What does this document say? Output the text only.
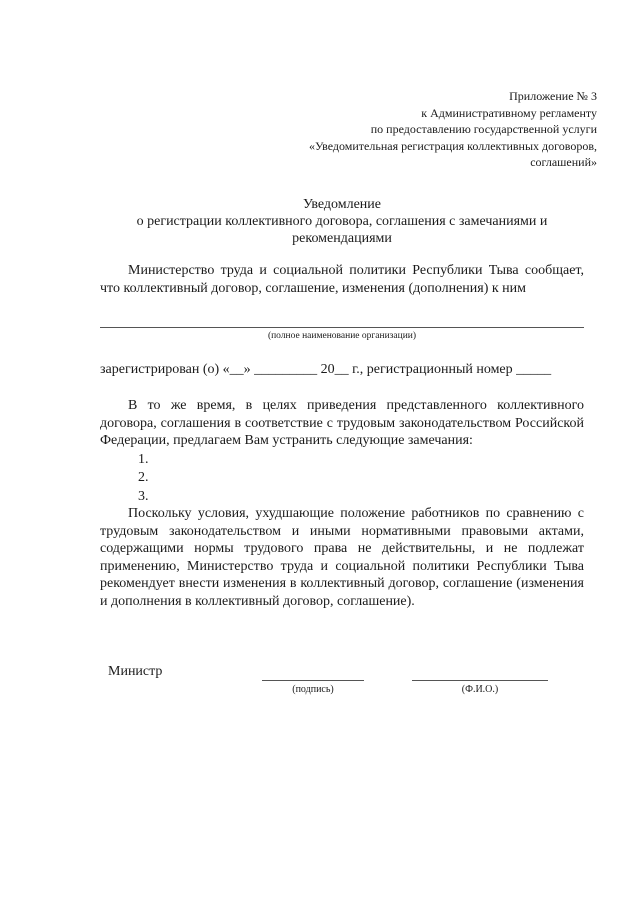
Приложение № 3
к Административному регламенту
по предоставлению государственной услуги
«Уведомительная регистрация коллективных договоров,
соглашений»
Уведомление
о регистрации коллективного договора, соглашения с замечаниями и рекомендациями
Министерство труда и социальной политики Республики Тыва сообщает, что коллективный договор, соглашение, изменения (дополнения) к ним
(полное наименование организации)
зарегистрирован (о) «__» _________ 20__ г., регистрационный номер _____
В то же время, в целях приведения представленного коллективного договора, соглашения в соответствие с трудовым законодательством Российской Федерации, предлагаем Вам устранить следующие замечания:
1.
2.
3.
Поскольку условия, ухудшающие положение работников по сравнению с трудовым законодательством и иными нормативными правовыми актами, содержащими нормы трудового права не действительны, и не подлежат применению, Министерство труда и социальной политики Республики Тыва рекомендует внести изменения в коллективный договор, соглашение (изменения и дополнения в коллективный договор, соглашение).
Министр
(подпись)	(Ф.И.О.)
